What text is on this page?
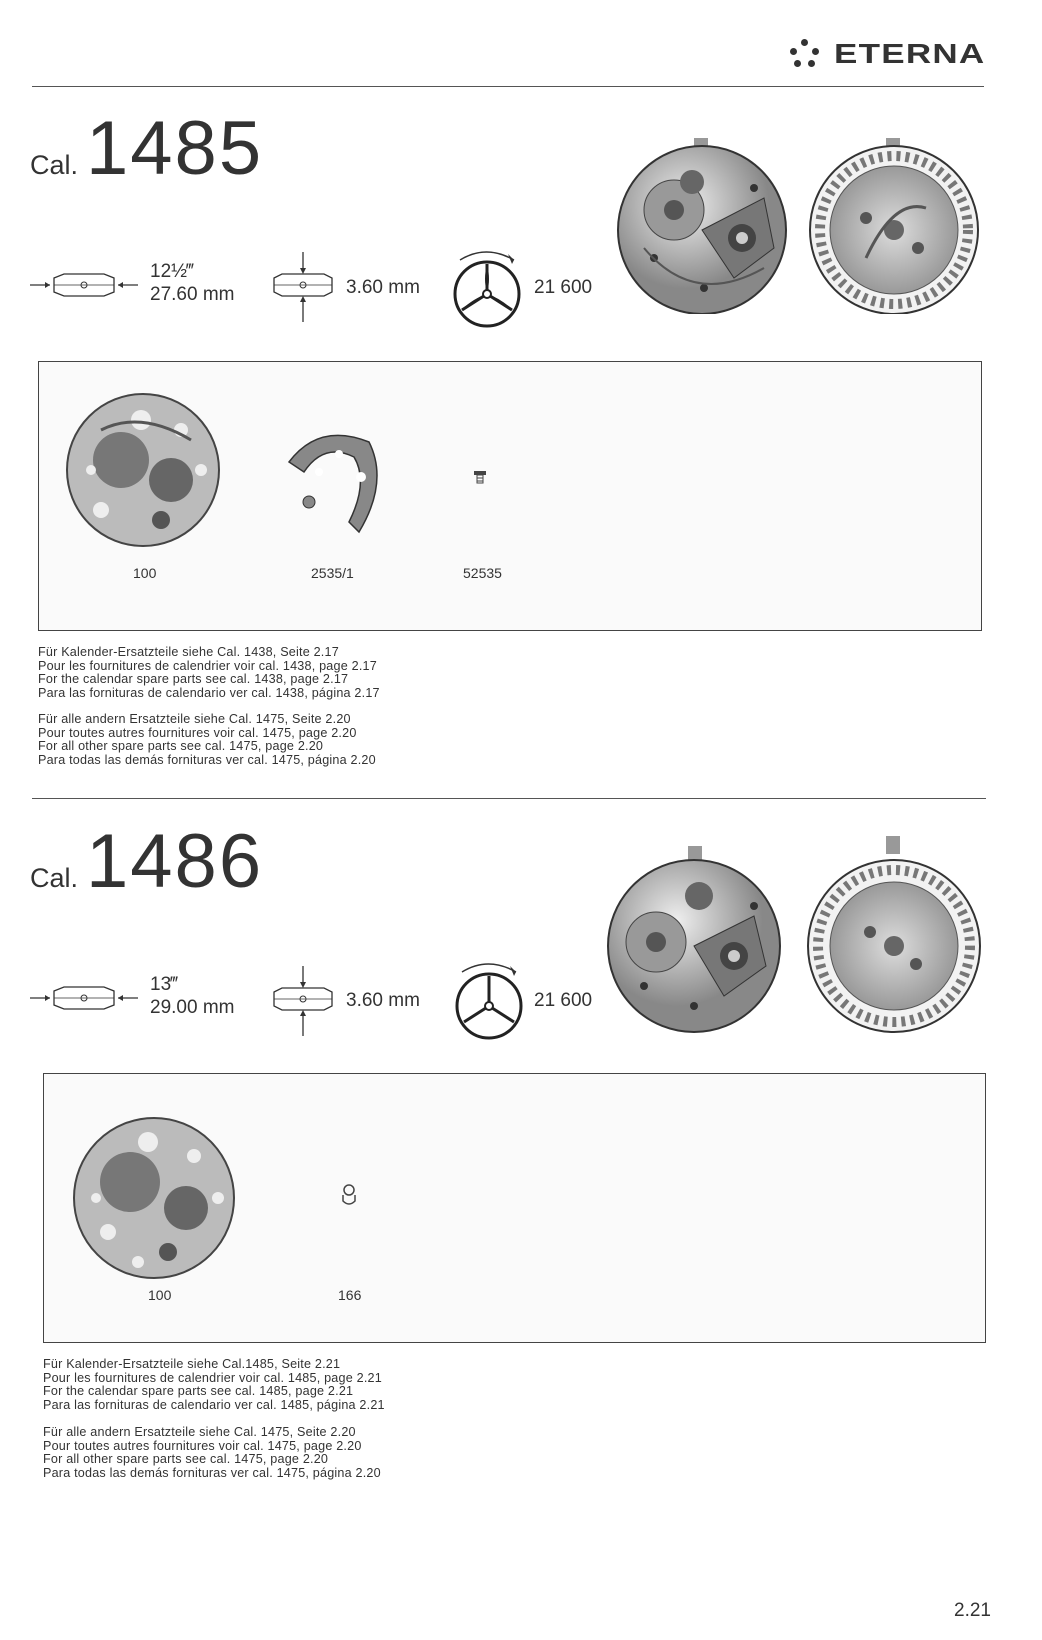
ETERNA
Cal. 1485
12½‴
27.60 mm	3.60 mm	21 600
100	2535/1	52535
Für Kalender-Ersatzteile siehe Cal. 1438, Seite 2.17
Pour les fournitures de calendrier voir cal. 1438, page 2.17
For the calendar spare parts see cal. 1438, page 2.17
Para las fornituras de calendario ver cal. 1438, página 2.17
Für alle andern Ersatzteile siehe Cal. 1475, Seite 2.20
Pour toutes autres fournitures voir cal. 1475, page 2.20
For all other spare parts see cal. 1475, page 2.20
Para todas las demás fornituras ver cal. 1475, página 2.20
Cal. 1486
13‴
29.00 mm	3.60 mm	21 600
100	166
Für Kalender-Ersatzteile siehe Cal.1485, Seite 2.21
Pour les fournitures de calendrier voir cal. 1485, page 2.21
For the calendar spare parts see cal. 1485, page 2.21
Para las fornituras de calendario ver cal. 1485, página 2.21
Für alle andern Ersatzteile siehe Cal. 1475, Seite 2.20
Pour toutes autres fournitures voir cal. 1475, page 2.20
For all other spare parts see cal. 1475, page 2.20
Para todas las demás fornituras ver cal. 1475, página 2.20
2.21
